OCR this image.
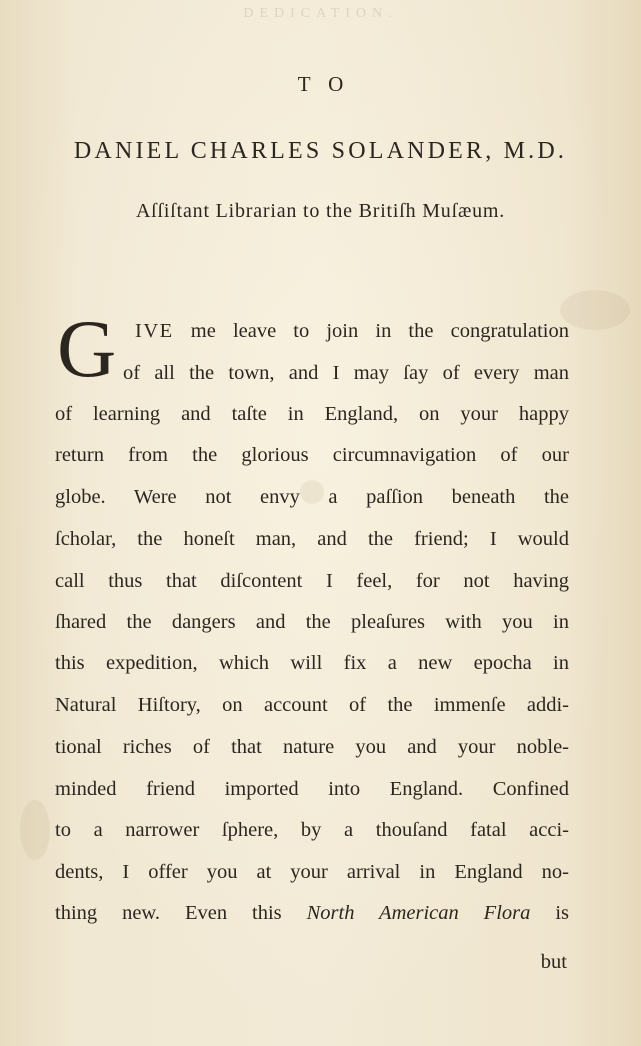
DEDICATION.
TO
DANIEL CHARLES SOLANDER, M.D.
Aſſiſtant Librarian to the Britiſh Muſæum.
G IVE me leave to join in the congratulation
of all the town, and I may ſay of every man
of learning and taſte in England, on your happy
return from the glorious circumnavigation of our
globe. Were not envy a paſſion beneath the
ſcholar, the honeſt man, and the friend; I would
call thus that diſcontent I feel, for not having
ſhared the dangers and the pleaſures with you in
this expedition, which will fix a new epocha in
Natural Hiſtory, on account of the immenſe addi-
tional riches of that nature you and your noble-
minded friend imported into England. Confined
to a narrower ſphere, by a thouſand fatal acci-
dents, I offer you at your arrival in England no-
thing new. Even this North American Flora is
but
